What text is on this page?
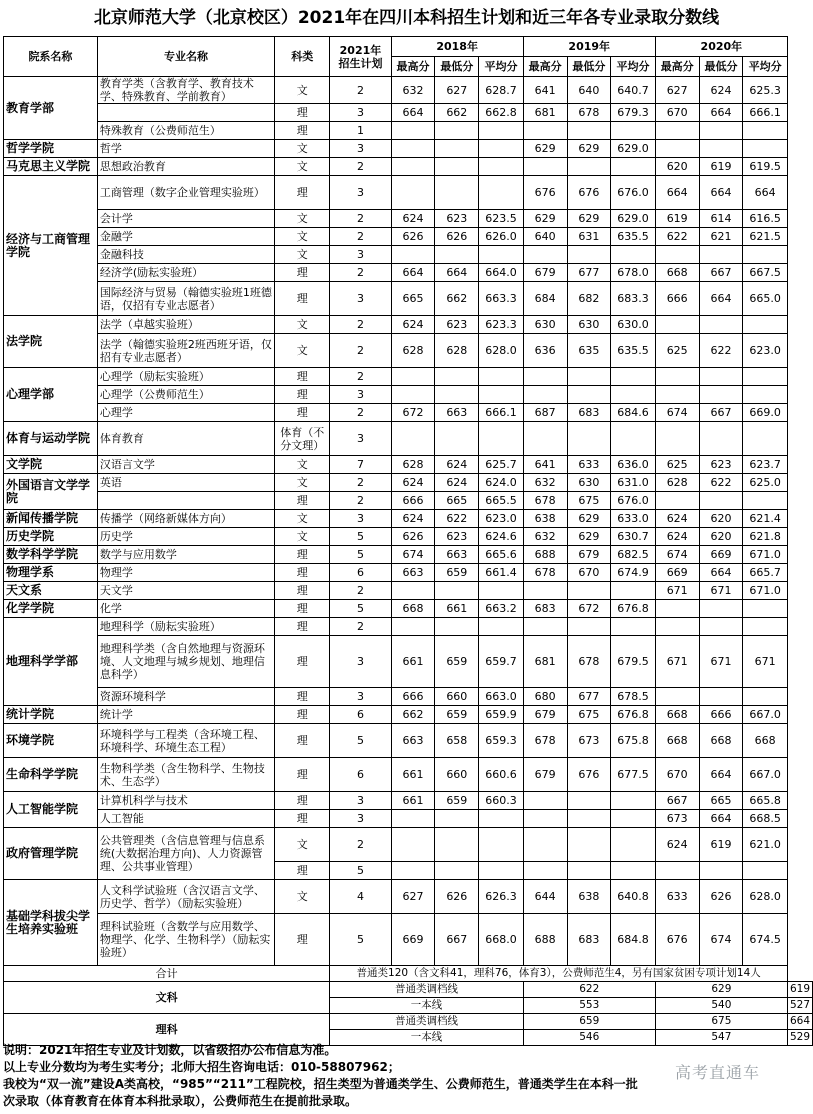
北京师范大学（北京校区）2021年在四川本科招生计划和近三年各专业录取分数线
院系名称	专业名称	科类	2021年
招生计划	2018年			2019年			2020年			
				最高分	最低分	平均分	最高分	最低分	平均分	最高分	最低分	平均分	
教育学部	教育学类（含教育学、教育技术学、特殊教育、学前教育）	文	2	632	627	628.7	641	640	640.7	627	624	625.3	
		理	3	664	662	662.8	681	678	679.3	670	664	666.1	
	特殊教育（公费师范生）	理	1										
哲学学院	哲学	文	3				629	629	629.0				
马克思主义学院	思想政治教育	文	2							620	619	619.5	
经济与工商管理学院	工商管理（数字企业管理实验班）	理	3				676	676	676.0	664	664	664	
	会计学	文	2	624	623	623.5	629	629	629.0	619	614	616.5	
	金融学	文	2	626	626	626.0	640	631	635.5	622	621	621.5	
	金融科技	文	3										
	经济学(励耘实验班）	理	2	664	664	664.0	679	677	678.0	668	667	667.5	
	国际经济与贸易（翰德实验班1班德语，仅招有专业志愿者）	理	3	665	662	663.3	684	682	683.3	666	664	665.0	
法学院	法学（卓越实验班）	文	2	624	623	623.3	630	630	630.0				
	法学（翰德实验班2班西班牙语，仅招有专业志愿者）	文	2	628	628	628.0	636	635	635.5	625	622	623.0	
心理学部	心理学（励耘实验班）	理	2										
	心理学（公费师范生）	理	3										
	心理学	理	2	672	663	666.1	687	683	684.6	674	667	669.0	
体育与运动学院	体育教育	体育（不分文理）	3										
文学院	汉语言文学	文	7	628	624	625.7	641	633	636.0	625	623	623.7	
外国语言文学学院	英语	文	2	624	624	624.0	632	630	631.0	628	622	625.0	
		理	2	666	665	665.5	678	675	676.0				
新闻传播学院	传播学（网络新媒体方向）	文	3	624	622	623.0	638	629	633.0	624	620	621.4	
历史学院	历史学	文	5	626	623	624.6	632	629	630.7	624	620	621.8	
数学科学学院	数学与应用数学	理	5	674	663	665.6	688	679	682.5	674	669	671.0	
物理学系	物理学	理	6	663	659	661.4	678	670	674.9	669	664	665.7	
天文系	天文学	理	2							671	671	671.0	
化学学院	化学	理	5	668	661	663.2	683	672	676.8				
地理科学学部	地理科学（励耘实验班）	理	2										
	地理科学类（含自然地理与资源环境、人文地理与城乡规划、地理信息科学）	理	3	661	659	659.7	681	678	679.5	671	671	671	
	资源环境科学	理	3	666	660	663.0	680	677	678.5				
统计学院	统计学	理	6	662	659	659.9	679	675	676.8	668	666	667.0	
环境学院	环境科学与工程类（含环境工程、环境科学、环境生态工程）	理	5	663	658	659.3	678	673	675.8	668	668	668	
生命科学学院	生物科学类（含生物科学、生物技术、生态学）	理	6	661	660	660.6	679	676	677.5	670	664	667.0	
人工智能学院	计算机科学与技术	理	3	661	659	660.3				667	665	665.8	
	人工智能	理	3							673	664	668.5	
政府管理学院	公共管理类（含信息管理与信息系统(大数据治理方向)、人力资源管理、公共事业管理）	文	2							624	619	621.0	
		理	5										
基础学科拔尖学生培养实验班	人文科学试验班（含汉语言文学、历史学、哲学）（励耘实验班）	文	4	627	626	626.3	644	638	640.8	633	626	628.0	
	理科试验班（含数学与应用数学、物理学、化学、生物科学）（励耘实验班）	理	5	669	667	668.0	688	683	684.8	676	674	674.5	
合计			普通类120（含文科41，理科76，体育3），公费师范生4，另有国家贫困专项计划14人										
文科			普通类调档线				622			629			619
			一本线				553			540			527
理科			普通类调档线				659			675			664
			一本线				546			547			529
说明：2021年招生专业及计划数，以省级招办公布信息为准。
以上专业分数均为考生实考分；北师大招生咨询电话：010-58807962；
我校为“双一流”建设A类高校，“985”“211”工程院校，招生类型为普通类学生、公费师范生，普通类学生在本科一批
次录取（体育教育在体育本科批录取），公费师范生在提前批录取。
高考直通车
